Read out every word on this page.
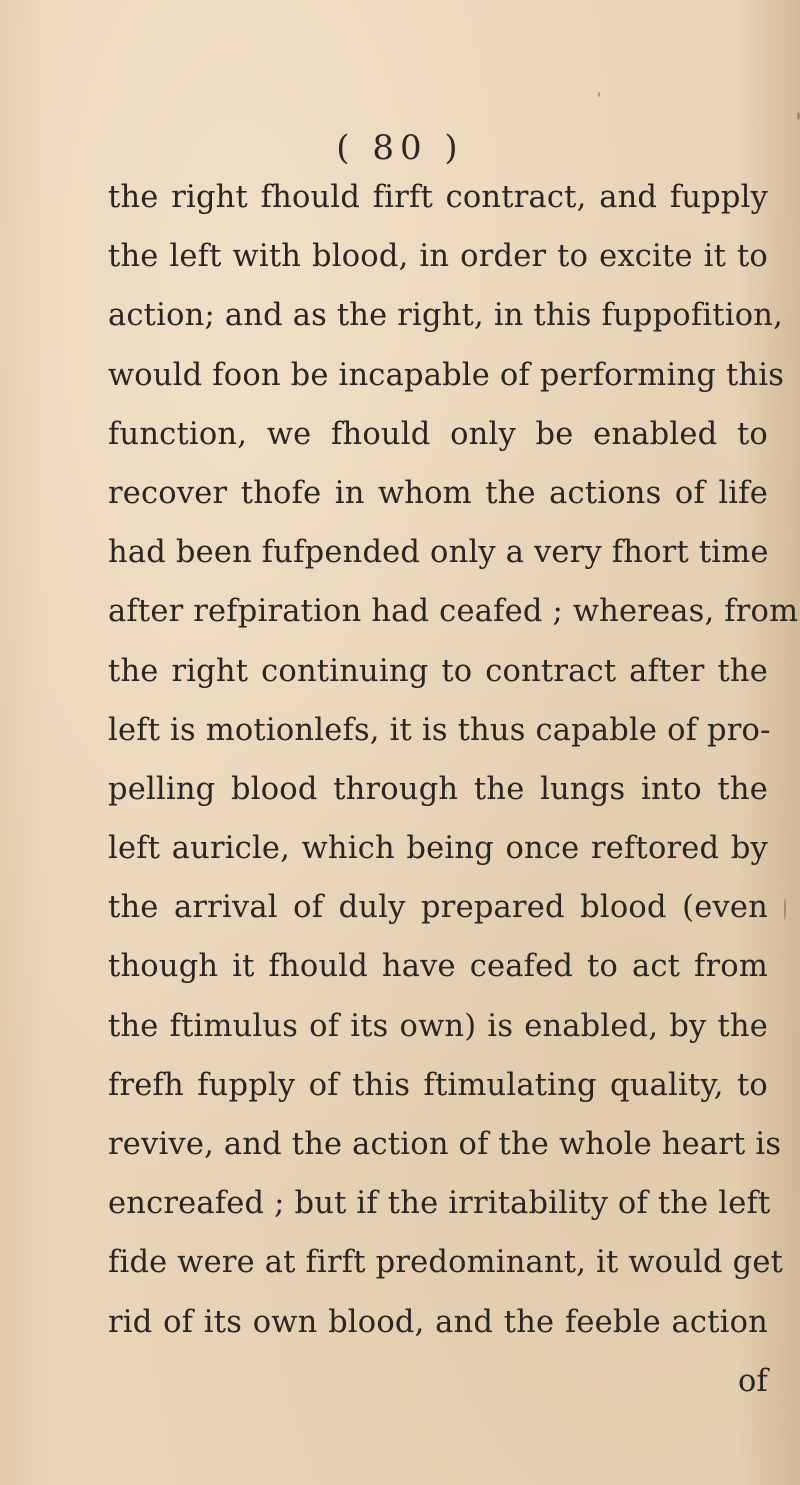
( 80 )
the right fhould firft contract, and fupply
the left with blood, in order to excite it to
action; and as the right, in this fuppofition,
would foon be incapable of performing this
function, we fhould only be enabled to
recover thofe in whom the actions of life
had been fufpended only a very fhort time
after refpiration had ceafed ; whereas, from
the right continuing to contract after the
left is motionlefs, it is thus capable of pro-
pelling blood through the lungs into the
left auricle, which being once reftored by
the arrival of duly prepared blood (even
though it fhould have ceafed to act from
the ftimulus of its own) is enabled, by the
frefh fupply of this ftimulating quality, to
revive, and the action of the whole heart is
encreafed ; but if the irritability of the left
fide were at firft predominant, it would get
rid of its own blood, and the feeble action
of
